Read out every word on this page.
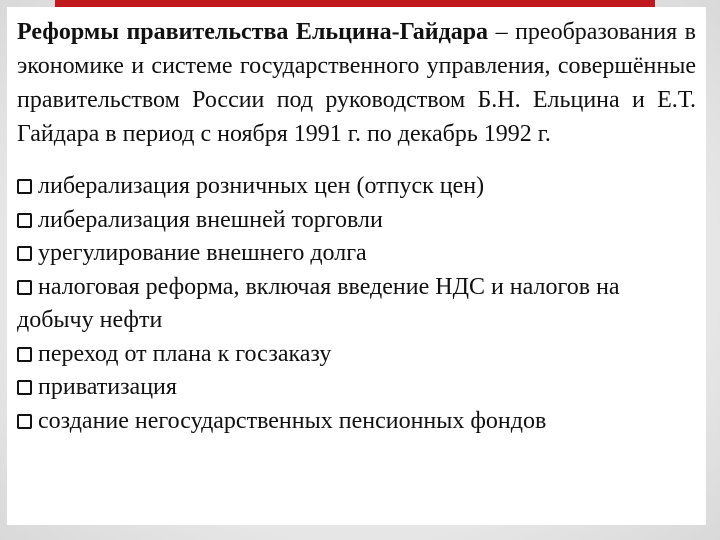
Реформы правительства Ельцина-Гайдара – преобразования в экономике и системе государственного управления, совершённые правительством России под руководством Б.Н. Ельцина и Е.Т. Гайдара в период с ноября 1991 г. по декабрь 1992 г.

либерализация розничных цен (отпуск цен)
либерализация внешней торговли
урегулирование внешнего долга
налоговая реформа, включая введение НДС и налогов на добычу нефти
переход от плана к госзаказу
приватизация
создание негосударственных пенсионных фондов
